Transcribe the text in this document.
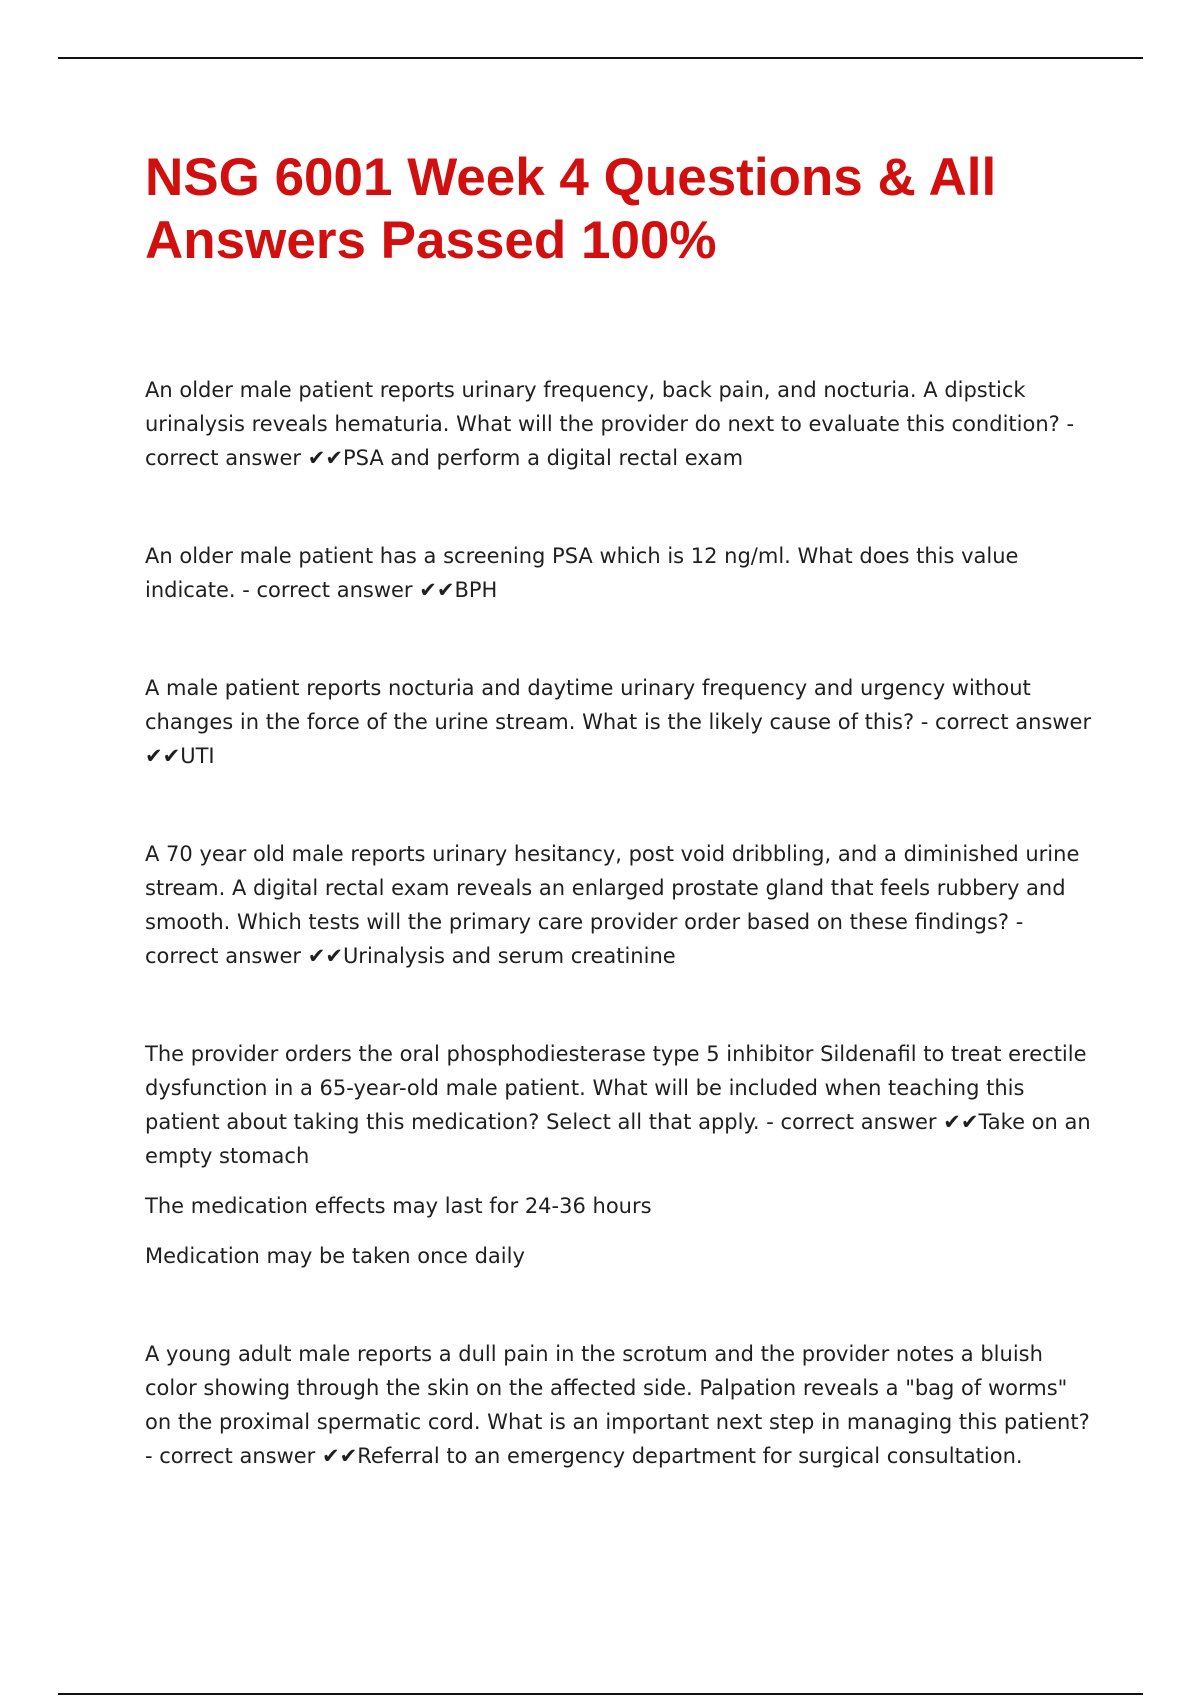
NSG 6001 Week 4 Questions & All Answers Passed 100%

An older male patient reports urinary frequency, back pain, and nocturia. A dipstick urinalysis reveals hematuria. What will the provider do next to evaluate this condition? - correct answer ✔✔PSA and perform a digital rectal exam

An older male patient has a screening PSA which is 12 ng/ml. What does this value indicate. - correct answer ✔✔BPH

A male patient reports nocturia and daytime urinary frequency and urgency without changes in the force of the urine stream. What is the likely cause of this? - correct answer ✔✔UTI

A 70 year old male reports urinary hesitancy, post void dribbling, and a diminished urine stream. A digital rectal exam reveals an enlarged prostate gland that feels rubbery and smooth. Which tests will the primary care provider order based on these findings? - correct answer ✔✔Urinalysis and serum creatinine

The provider orders the oral phosphodiesterase type 5 inhibitor Sildenafil to treat erectile dysfunction in a 65-year-old male patient. What will be included when teaching this patient about taking this medication? Select all that apply. - correct answer ✔✔Take on an empty stomach

The medication effects may last for 24-36 hours

Medication may be taken once daily

A young adult male reports a dull pain in the scrotum and the provider notes a bluish color showing through the skin on the affected side. Palpation reveals a "bag of worms" on the proximal spermatic cord. What is an important next step in managing this patient? - correct answer ✔✔Referral to an emergency department for surgical consultation.
